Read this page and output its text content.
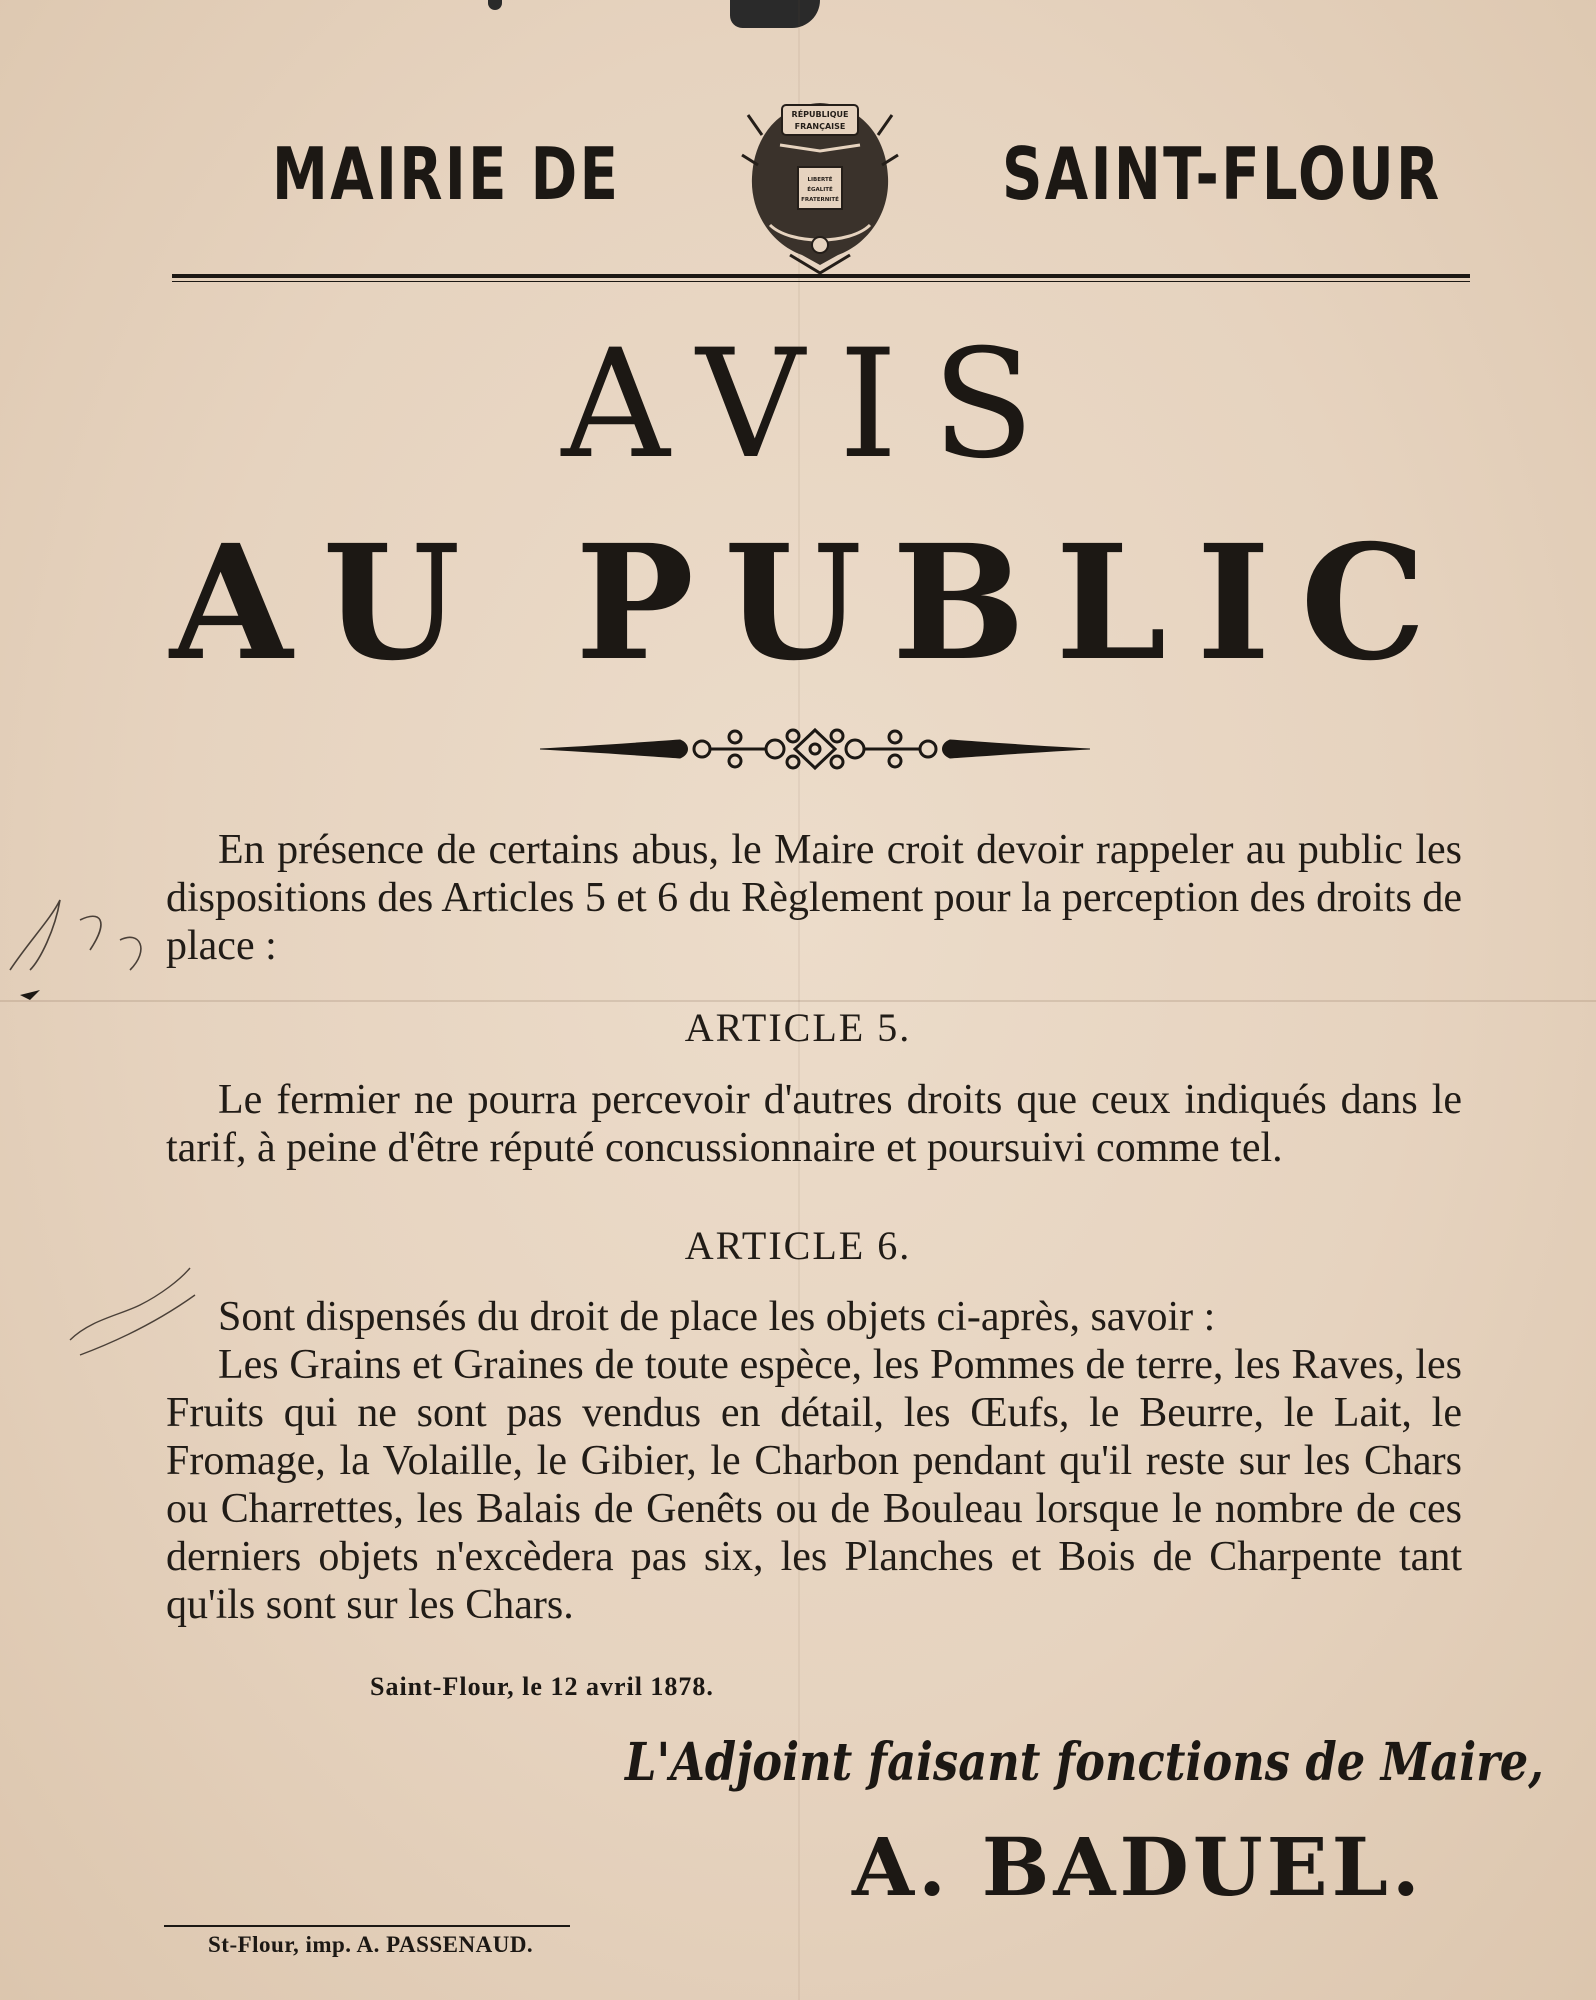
MAIRIE DE	SAINT-FLOUR
RÉPUBLIQUE
FRANÇAISE
LIBERTÉ
ÉGALITÉ
FRATERNITÉ
AVIS
AU PUBLIC
En présence de certains abus, le Maire croit devoir rappeler au public les dispositions des Articles 5 et 6 du Règlement pour la perception des droits de place :
ARTICLE 5.
Le fermier ne pourra percevoir d'autres droits que ceux indiqués dans le tarif, à peine d'être réputé concussionnaire et poursuivi comme tel.
ARTICLE 6.
Sont dispensés du droit de place les objets ci-après, savoir :
Les Grains et Graines de toute espèce, les Pommes de terre, les Raves, les Fruits qui ne sont pas vendus en détail, les Œufs, le Beurre, le Lait, le Fromage, la Volaille, le Gibier, le Charbon pendant qu'il reste sur les Chars ou Charrettes, les Balais de Genêts ou de Bouleau lorsque le nombre de ces derniers objets n'excèdera pas six, les Planches et Bois de Charpente tant qu'ils sont sur les Chars.
Saint-Flour, le 12 avril 1878.
L'Adjoint faisant fonctions de Maire,
A. BADUEL.
St-Flour, imp. A. PASSENAUD.
